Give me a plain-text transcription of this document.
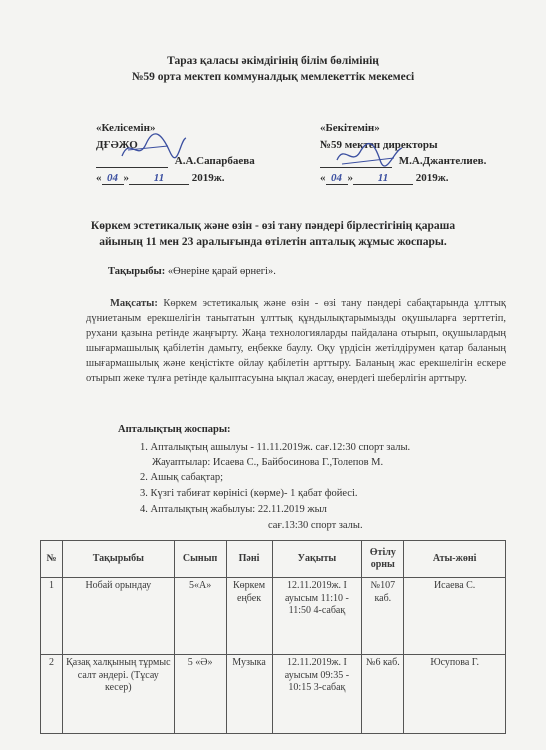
Тараз қаласы әкімдігінің білім бөлімінің
№59 орта мектеп коммуналдық мемлекеттік мекемесі
«Келісемін»
ДҒӘЖО
А.А.Сапарбаева
« 04 » 11	2019ж.
«Бекітемін»
№59 мектеп директоры
М.А.Джантелиев.
« 04 » 11	2019ж.
Көркем эстетикалық және өзін - өзі тану пәндері бірлестігінің қараша
айының 11 мен 23 аралығында өтілетін апталық жұмыс жоспары.
Тақырыбы: «Өнеріне қарай өрнегі».
Мақсаты: Көркем эстетикалық және өзін - өзі тану пәндері сабақтарында ұлттық дүниетаным ерекшелігін танытатын ұлттық құндылықтарымызды оқушыларға зерттетіп, рухани қазына ретінде жаңғырту. Жаңа технологияларды пайдалана отырып, оқушылардың шығармашылық қабілетін дамыту, еңбекке баулу. Оқу үрдісін жетілдірумен қатар баланың шығармашылық және кеңістікте ойлау қабілетін арттыру. Баланың жас ерекшелігін ескере отырып жеке тұлға ретінде қалыптасуына ықпал жасау, өнердегі шеберлігін арттыру.
Апталықтың жоспары:
1. Апталықтың ашылуы - 11.11.2019ж. сағ.12:30 спорт залы.
Жауаптылар: Исаева С., Байбосинова Г.,Толепов М.
2. Ашық сабақтар;
3. Күзгі табиғат көрінісі (көрме)- 1 қабат фойесі.
4. Апталықтың жабылуы: 22.11.2019 жыл
сағ.13:30 спорт залы.
№	Тақырыбы	Сынып	Пәні	Уақыты	Өтілу орны	Аты-жөні
1	Нобай орындау	5«А»	Көркем еңбек	12.11.2019ж. І ауысым 11:10 - 11:50 4-сабақ	№107 каб.	Исаева С.
2	Қазақ халқының тұрмыс салт әндері. (Тұсау кесер)	5 «Ә»	Музыка	12.11.2019ж. І ауысым 09:35 - 10:15 3-сабақ	№6 каб.	Юсупова Г.
